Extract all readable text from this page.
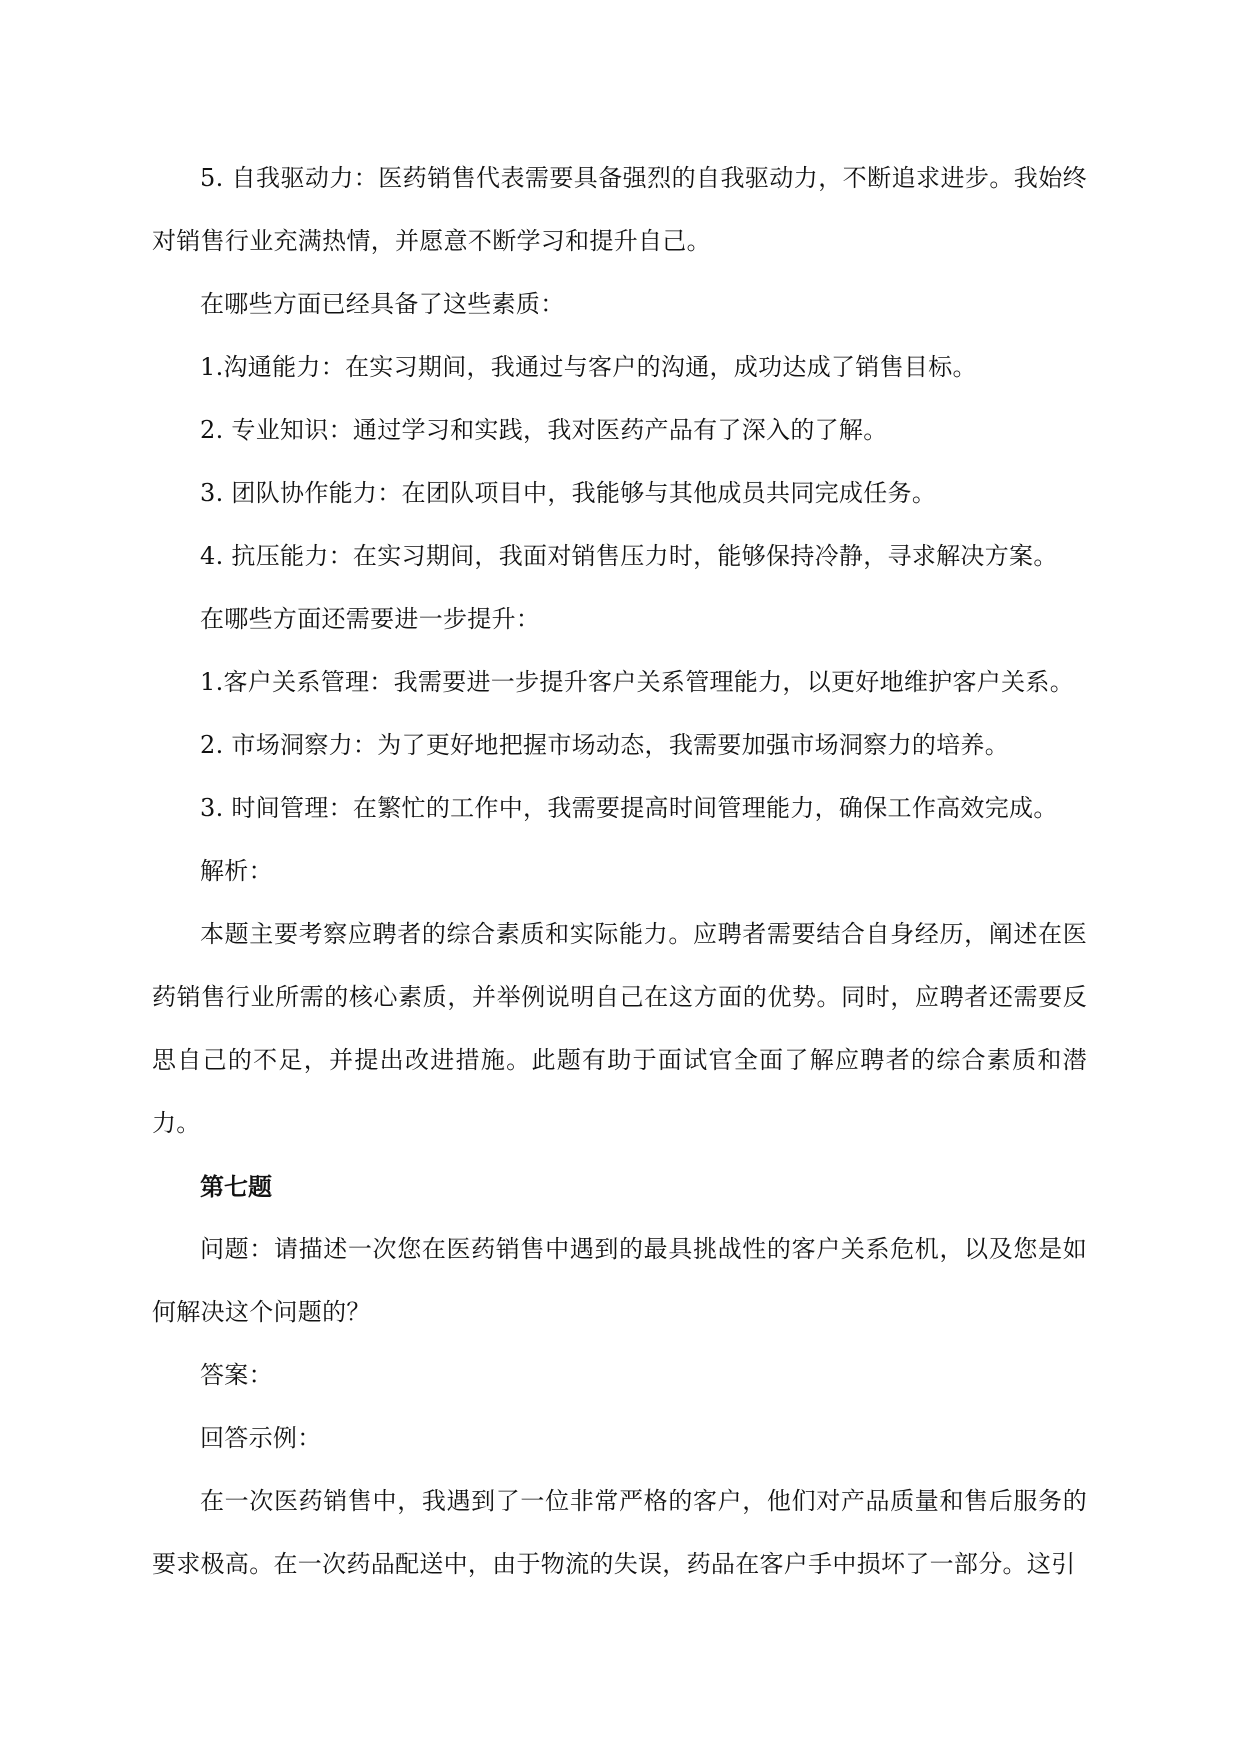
5. 自我驱动力：医药销售代表需要具备强烈的自我驱动力，不断追求进步。我始终对销售行业充满热情，并愿意不断学习和提升自己。

在哪些方面已经具备了这些素质：

1.沟通能力：在实习期间，我通过与客户的沟通，成功达成了销售目标。

2. 专业知识：通过学习和实践，我对医药产品有了深入的了解。

3. 团队协作能力：在团队项目中，我能够与其他成员共同完成任务。

4. 抗压能力：在实习期间，我面对销售压力时，能够保持冷静，寻求解决方案。

在哪些方面还需要进一步提升：

1.客户关系管理：我需要进一步提升客户关系管理能力，以更好地维护客户关系。

2. 市场洞察力：为了更好地把握市场动态，我需要加强市场洞察力的培养。

3. 时间管理：在繁忙的工作中，我需要提高时间管理能力，确保工作高效完成。

解析：

本题主要考察应聘者的综合素质和实际能力。应聘者需要结合自身经历，阐述在医药销售行业所需的核心素质，并举例说明自己在这方面的优势。同时，应聘者还需要反思自己的不足，并提出改进措施。此题有助于面试官全面了解应聘者的综合素质和潜力。

第七题

问题：请描述一次您在医药销售中遇到的最具挑战性的客户关系危机，以及您是如何解决这个问题的？

答案：

回答示例：

在一次医药销售中，我遇到了一位非常严格的客户，他们对产品质量和售后服务的要求极高。在一次药品配送中，由于物流的失误，药品在客户手中损坏了一部分。这引
